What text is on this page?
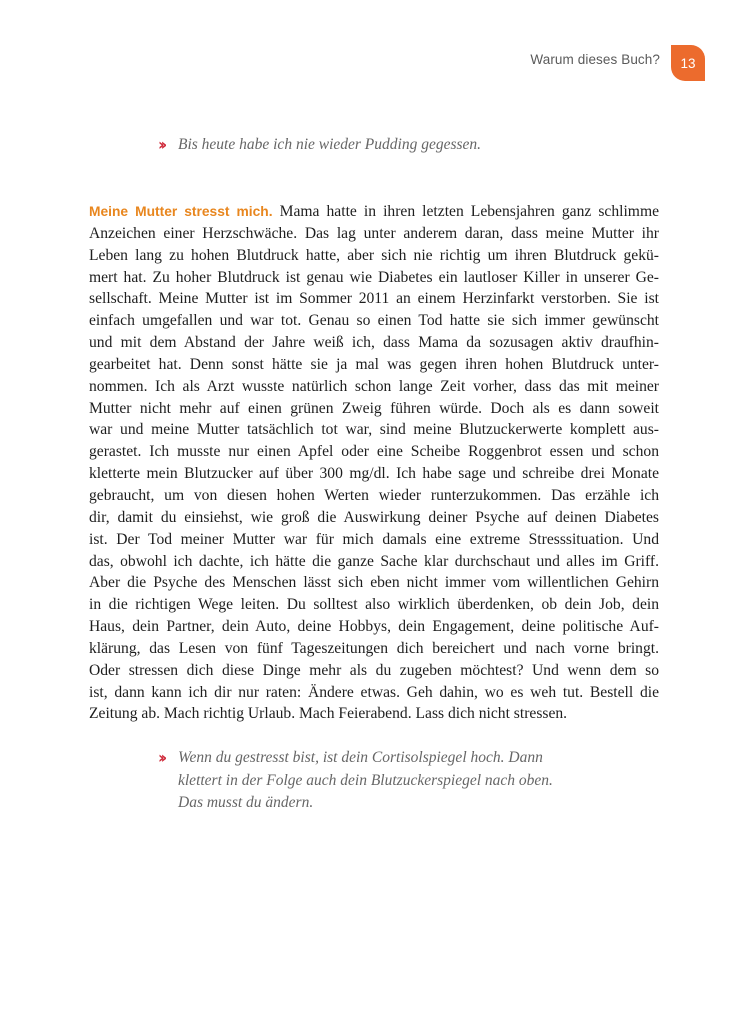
Warum dieses Buch?	13
›› Bis heute habe ich nie wieder Pudding gegessen.
Meine Mutter stresst mich. Mama hatte in ihren letzten Lebensjahren ganz schlimme
Anzeichen einer Herzschwäche. Das lag unter anderem daran, dass meine Mutter ihr
Leben lang zu hohen Blutdruck hatte, aber sich nie richtig um ihren Blutdruck gekü-
mert hat. Zu hoher Blutdruck ist genau wie Diabetes ein lautloser Killer in unserer Ge-
sellschaft. Meine Mutter ist im Sommer 2011 an einem Herzinfarkt verstorben. Sie ist
einfach umgefallen und war tot. Genau so einen Tod hatte sie sich immer gewünscht
und mit dem Abstand der Jahre weiß ich, dass Mama da sozusagen aktiv draufhin-
gearbeitet hat. Denn sonst hätte sie ja mal was gegen ihren hohen Blutdruck unter-
nommen. Ich als Arzt wusste natürlich schon lange Zeit vorher, dass das mit meiner
Mutter nicht mehr auf einen grünen Zweig führen würde. Doch als es dann soweit
war und meine Mutter tatsächlich tot war, sind meine Blutzuckerwerte komplett aus-
gerastet. Ich musste nur einen Apfel oder eine Scheibe Roggenbrot essen und schon
kletterte mein Blutzucker auf über 300 mg/dl. Ich habe sage und schreibe drei Monate
gebraucht, um von diesen hohen Werten wieder runterzukommen. Das erzähle ich
dir, damit du einsiehst, wie groß die Auswirkung deiner Psyche auf deinen Diabetes
ist. Der Tod meiner Mutter war für mich damals eine extreme Stresssituation. Und
das, obwohl ich dachte, ich hätte die ganze Sache klar durchschaut und alles im Griff.
Aber die Psyche des Menschen lässt sich eben nicht immer vom willentlichen Gehirn
in die richtigen Wege leiten. Du solltest also wirklich überdenken, ob dein Job, dein
Haus, dein Partner, dein Auto, deine Hobbys, dein Engagement, deine politische Auf-
klärung, das Lesen von fünf Tageszeitungen dich bereichert und nach vorne bringt.
Oder stressen dich diese Dinge mehr als du zugeben möchtest? Und wenn dem so
ist, dann kann ich dir nur raten: Ändere etwas. Geh dahin, wo es weh tut. Bestell die
Zeitung ab. Mach richtig Urlaub. Mach Feierabend. Lass dich nicht stressen.
›› Wenn du gestresst bist, ist dein Cortisolspiegel hoch. Dann
klettert in der Folge auch dein Blutzuckerspiegel nach oben.
Das musst du ändern.
